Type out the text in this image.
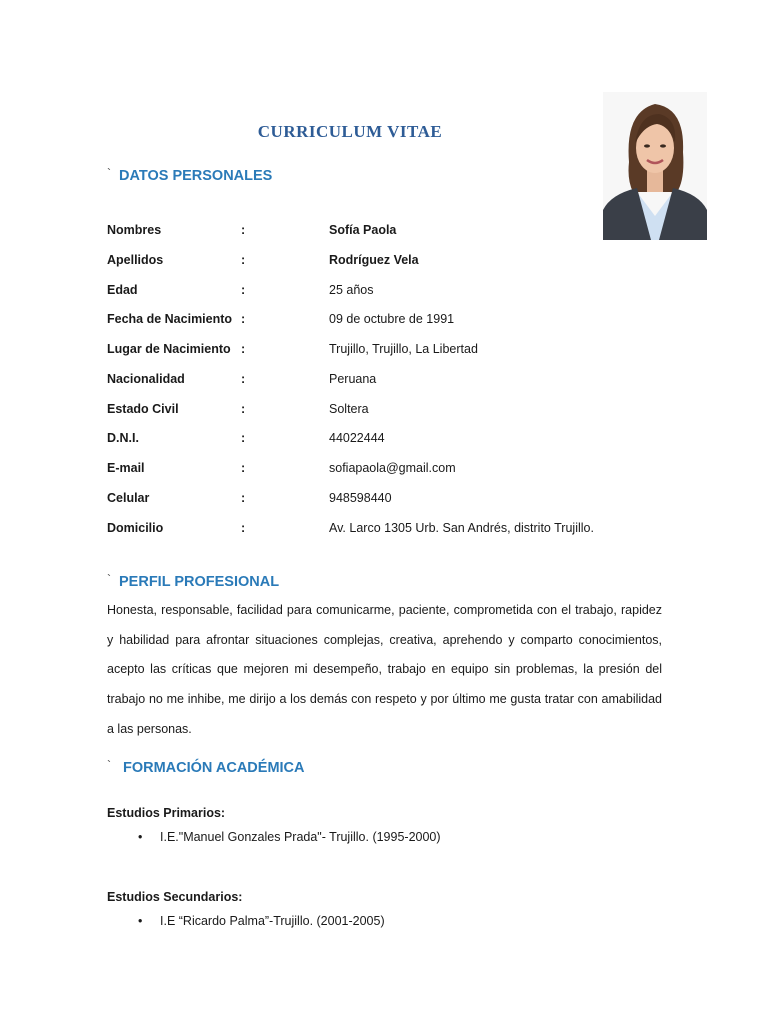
CURRICULUM VITAE
` DATOS PERSONALES
Nombres	:	Sofía Paola
Apellidos	:	Rodríguez Vela
Edad	:	25 años
Fecha de Nacimiento :	09 de octubre de 1991
Lugar de Nacimiento :	Trujillo, Trujillo, La Libertad
Nacionalidad	:	Peruana
Estado Civil	:	Soltera
D.N.I.	:	44022444
E-mail	:	sofiapaola@gmail.com
Celular	:	948598440
Domicilio	:	Av. Larco 1305 Urb. San Andrés, distrito Trujillo.
` PERFIL PROFESIONAL
Honesta, responsable, facilidad para comunicarme, paciente, comprometida con el trabajo, rapidez y habilidad para afrontar situaciones complejas, creativa, aprehendo y comparto conocimientos, acepto las críticas que mejoren mi desempeño, trabajo en equipo sin problemas, la presión del trabajo no me inhibe, me dirijo a los demás con respeto y por último me gusta tratar con amabilidad a las personas.
` FORMACIÓN ACADÉMICA
Estudios Primarios:
• I.E."Manuel Gonzales Prada"- Trujillo. (1995-2000)
Estudios Secundarios:
• I.E “Ricardo Palma”-Trujillo. (2001-2005)
